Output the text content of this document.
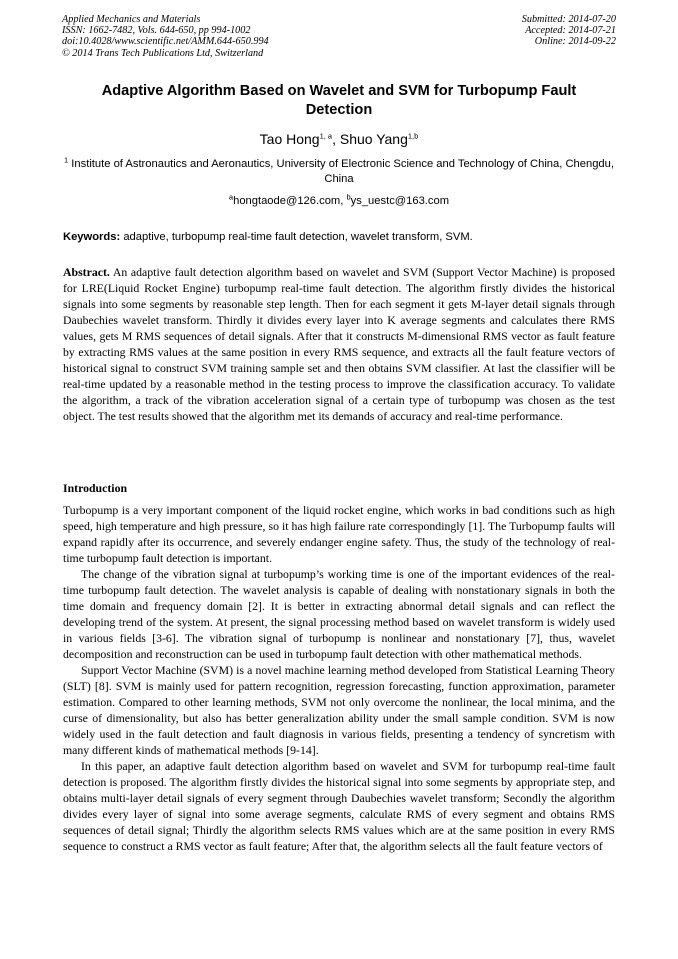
Applied Mechanics and Materials
ISSN: 1662-7482, Vols. 644-650, pp 994-1002
doi:10.4028/www.scientific.net/AMM.644-650.994
© 2014 Trans Tech Publications Ltd, Switzerland
Submitted: 2014-07-20
Accepted: 2014-07-21
Online: 2014-09-22
Adaptive Algorithm Based on Wavelet and SVM for Turbopump Fault Detection
Tao Hong$^{1, a}$, Shuo Yang$^{1,b}$
$^1$ Institute of Astronautics and Aeronautics, University of Electronic Science and Technology of China, Chengdu, China
$^a$hongtaode@126.com, $^b$ys_uestc@163.com
Keywords: adaptive, turbopump real-time fault detection, wavelet transform, SVM.
Abstract. An adaptive fault detection algorithm based on wavelet and SVM (Support Vector Machine) is proposed for LRE(Liquid Rocket Engine) turbopump real-time fault detection. The algorithm firstly divides the historical signals into some segments by reasonable step length. Then for each segment it gets M-layer detail signals through Daubechies wavelet transform. Thirdly it divides every layer into K average segments and calculates there RMS values, gets M RMS sequences of detail signals. After that it constructs M-dimensional RMS vector as fault feature by extracting RMS values at the same position in every RMS sequence, and extracts all the fault feature vectors of historical signal to construct SVM training sample set and then obtains SVM classifier. At last the classifier will be real-time updated by a reasonable method in the testing process to improve the classification accuracy. To validate the algorithm, a track of the vibration acceleration signal of a certain type of turbopump was chosen as the test object. The test results showed that the algorithm met its demands of accuracy and real-time performance.
Introduction

Turbopump is a very important component of the liquid rocket engine, which works in bad conditions such as high speed, high temperature and high pressure, so it has high failure rate correspondingly [1]. The Turbopump faults will expand rapidly after its occurrence, and severely endanger engine safety. Thus, the study of the technology of real-time turbopump fault detection is important.

The change of the vibration signal at turbopump’s working time is one of the important evidences of the real-time turbopump fault detection. The wavelet analysis is capable of dealing with nonstationary signals in both the time domain and frequency domain [2]. It is better in extracting abnormal detail signals and can reflect the developing trend of the system. At present, the signal processing method based on wavelet transform is widely used in various fields [3-6]. The vibration signal of turbopump is nonlinear and nonstationary [7], thus, wavelet decomposition and reconstruction can be used in turbopump fault detection with other mathematical methods.

Support Vector Machine (SVM) is a novel machine learning method developed from Statistical Learning Theory (SLT) [8]. SVM is mainly used for pattern recognition, regression forecasting, function approximation, parameter estimation. Compared to other learning methods, SVM not only overcome the nonlinear, the local minima, and the curse of dimensionality, but also has better generalization ability under the small sample condition. SVM is now widely used in the fault detection and fault diagnosis in various fields, presenting a tendency of syncretism with many different kinds of mathematical methods [9-14].

In this paper, an adaptive fault detection algorithm based on wavelet and SVM for turbopump real-time fault detection is proposed. The algorithm firstly divides the historical signal into some segments by appropriate step, and obtains multi-layer detail signals of every segment through Daubechies wavelet transform; Secondly the algorithm divides every layer of signal into some average segments, calculate RMS of every segment and obtains RMS sequences of detail signal; Thirdly the algorithm selects RMS values which are at the same position in every RMS sequence to construct a RMS vector as fault feature; After that, the algorithm selects all the fault feature vectors of
